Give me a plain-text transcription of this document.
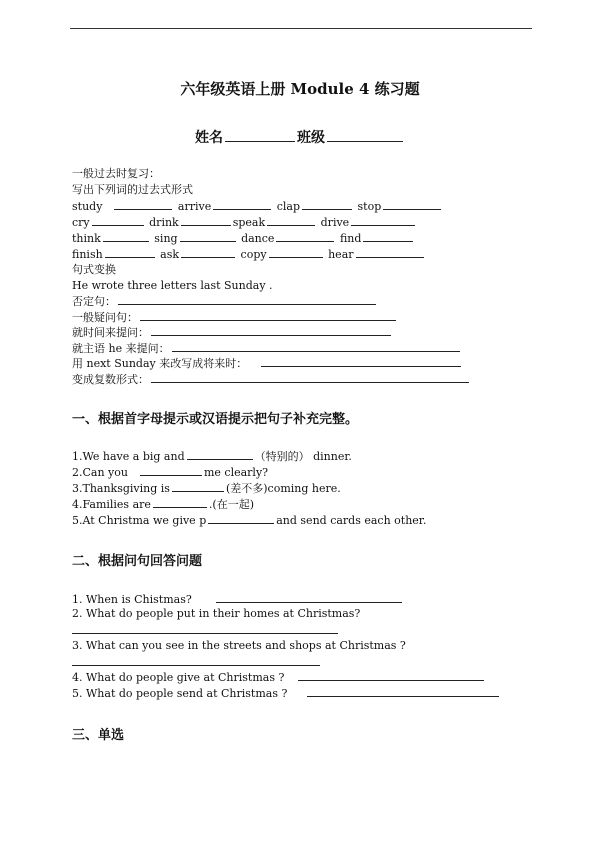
六年级英语上册 Module 4 练习题
姓名	班级
一般过去时复习：
写出下列词的过去式形式
study	arrive	clap	stop
cry	drink	speak	drive
think	sing	dance	find
finish	ask	copy	hear
句式变换
He wrote three letters last Sunday .
否定句：
一般疑问句：
就时间来提问：
就主语 he 来提问：
用 next Sunday 来改写成将来时：
变成复数形式：
一、根据首字母提示或汉语提示把句子补充完整。
1.We have a big and	（特别的） dinner.
2.Can you	me clearly?
3.Thanksgiving is	(差不多)coming here.
4.Families are	.(在一起)
5.At Christma we give p	and send cards each other.
二、根据问句回答问题
1. When is Chistmas?
2. What do people put in their homes at Christmas?
3. What can you see in the streets and shops at Christmas ?
4. What do people give at Christmas ?
5. What do people send at Christmas ?
三、单选
